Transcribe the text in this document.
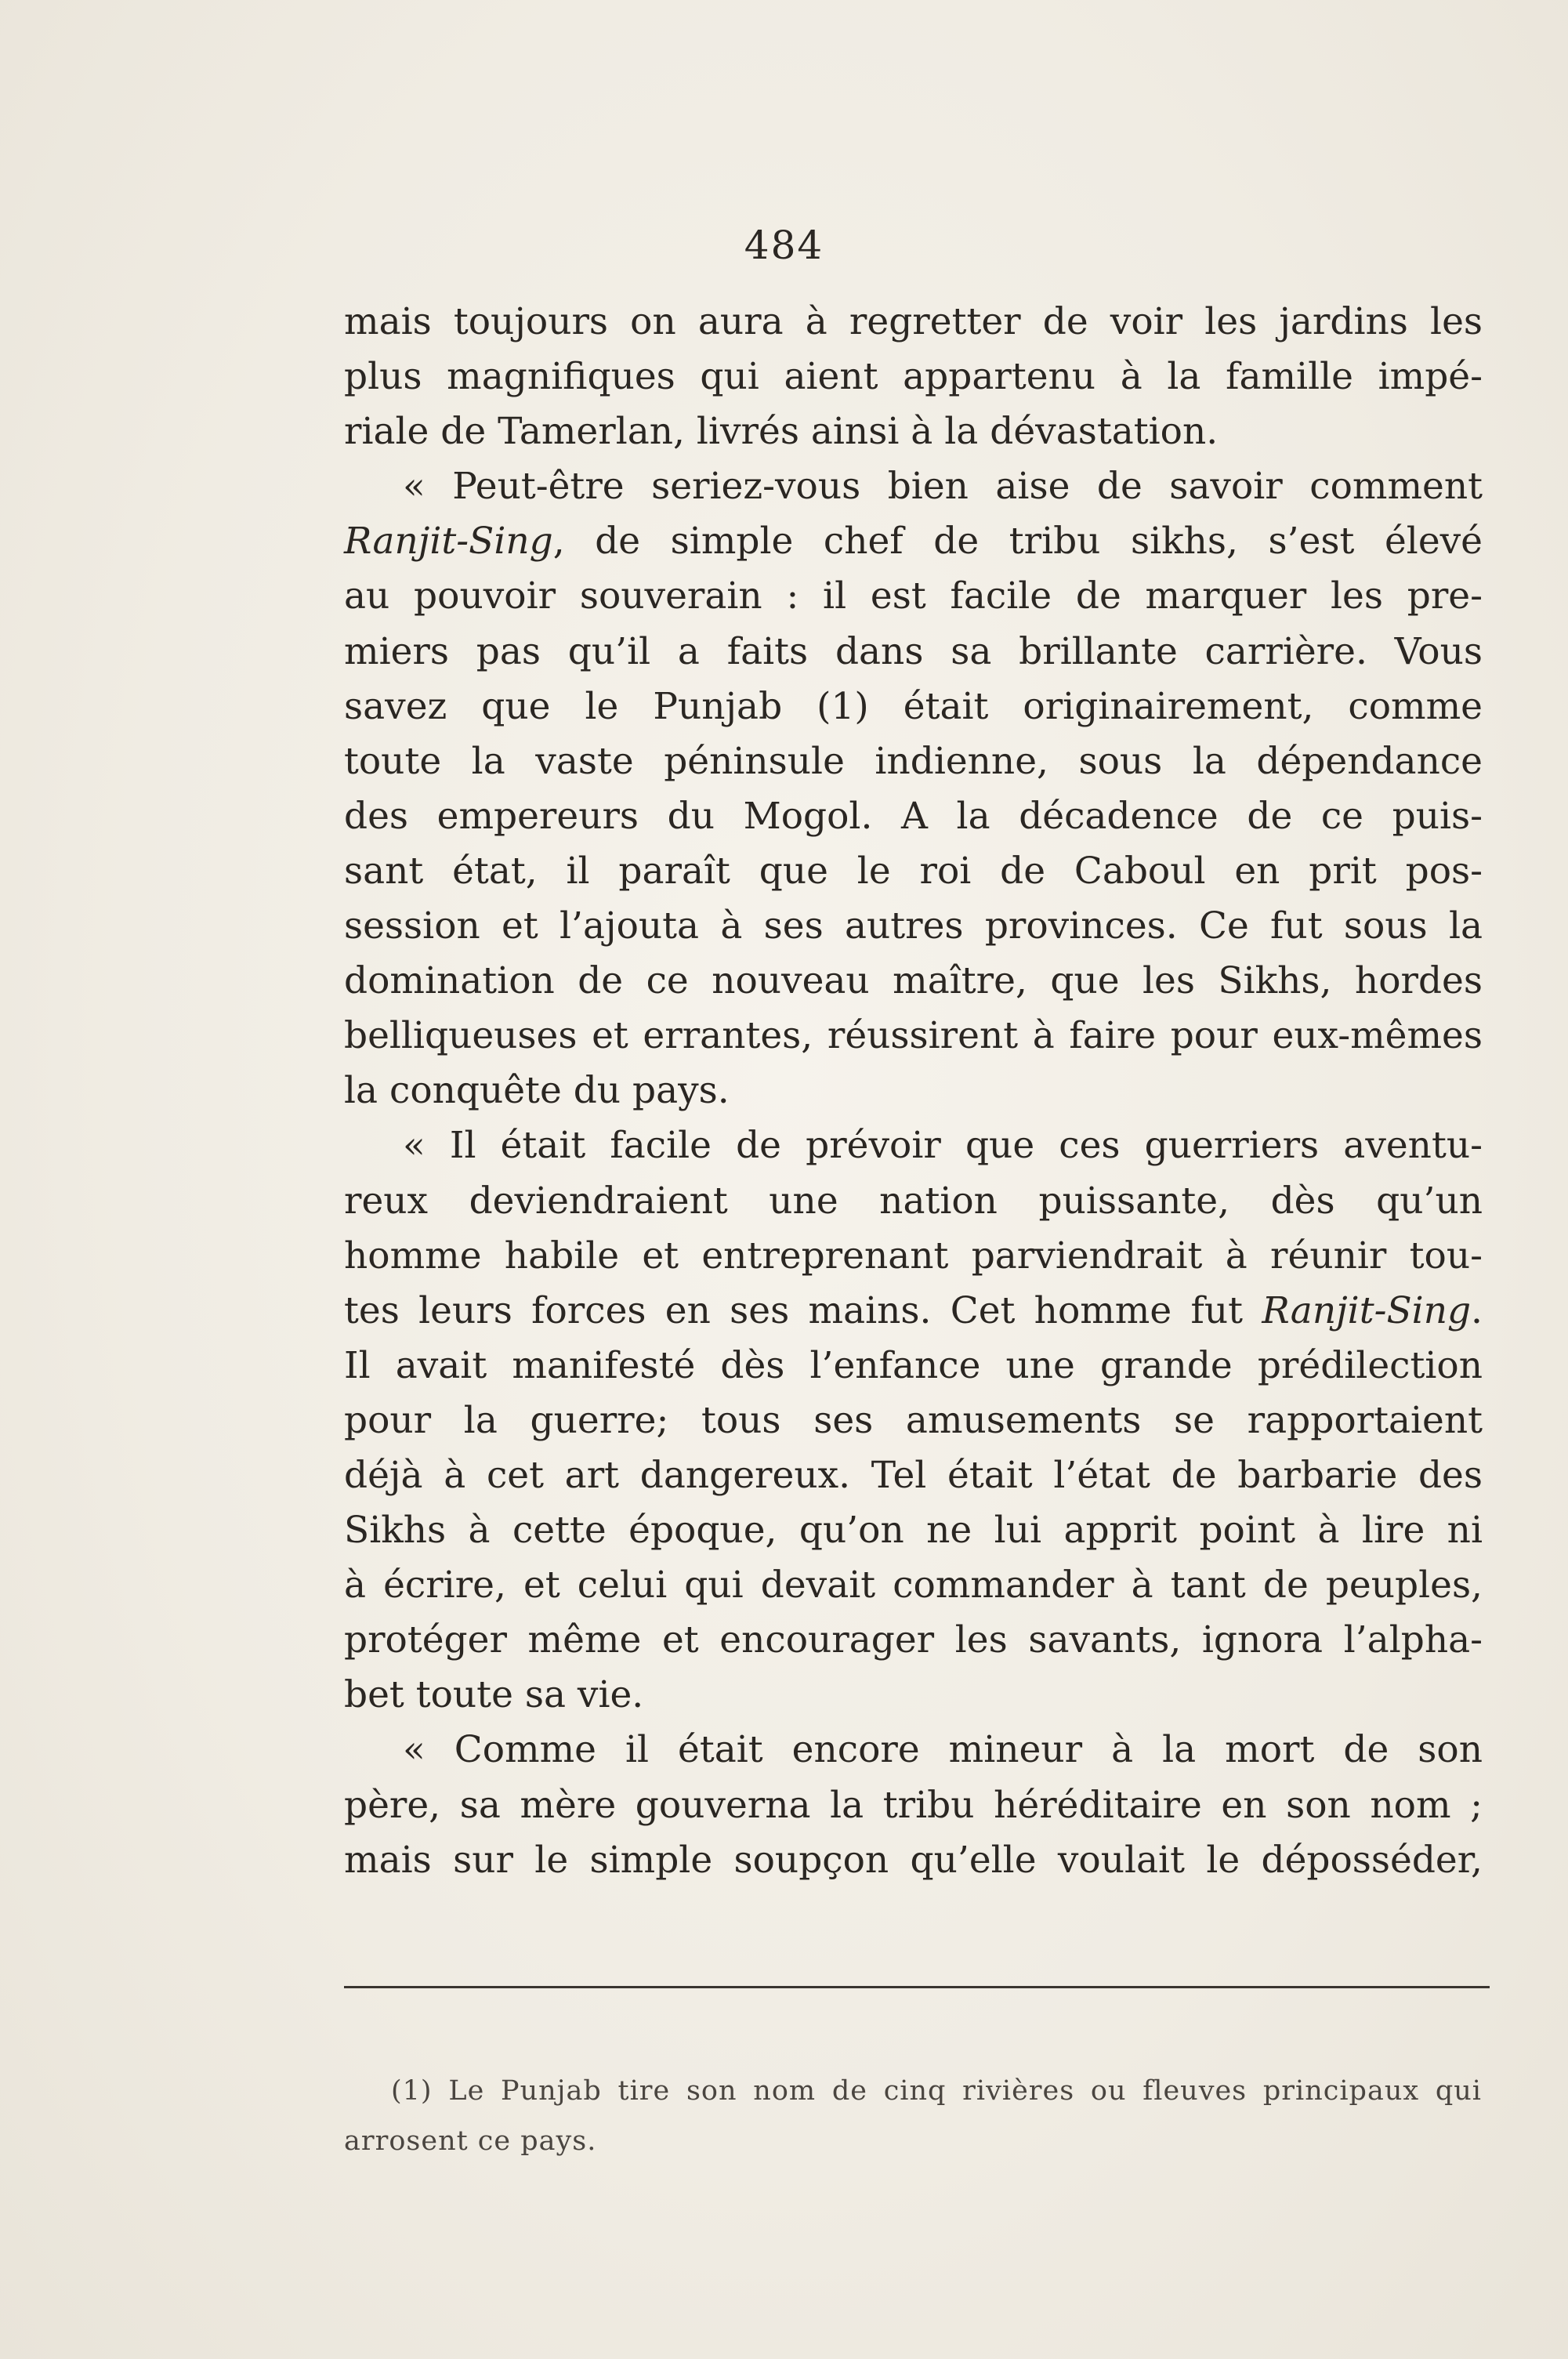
484
mais toujours on aura à regretter de voir les jardins les
plus magnifiques qui aient appartenu à la famille impé-
riale de Tamerlan, livrés ainsi à la dévastation.
« Peut-être seriez-vous bien aise de savoir comment
Ranjit-Sing, de simple chef de tribu sikhs, s’est élevé
au pouvoir souverain : il est facile de marquer les pre-
miers pas qu’il a faits dans sa brillante carrière. Vous
savez que le Punjab (1) était originairement, comme
toute la vaste péninsule indienne, sous la dépendance
des empereurs du Mogol. A la décadence de ce puis-
sant état, il paraît que le roi de Caboul en prit pos-
session et l’ajouta à ses autres provinces. Ce fut sous la
domination de ce nouveau maître, que les Sikhs, hordes
belliqueuses et errantes, réussirent à faire pour eux-mêmes
la conquête du pays.
« Il était facile de prévoir que ces guerriers aventu-
reux deviendraient une nation puissante, dès qu’un
homme habile et entreprenant parviendrait à réunir tou-
tes leurs forces en ses mains. Cet homme fut Ranjit-Sing.
Il avait manifesté dès l’enfance une grande prédilection
pour la guerre; tous ses amusements se rapportaient
déjà à cet art dangereux. Tel était l’état de barbarie des
Sikhs à cette époque, qu’on ne lui apprit point à lire ni
à écrire, et celui qui devait commander à tant de peuples,
protéger même et encourager les savants, ignora l’alpha-
bet toute sa vie.
« Comme il était encore mineur à la mort de son
père, sa mère gouverna la tribu héréditaire en son nom ;
mais sur le simple soupçon qu’elle voulait le déposséder,
(1) Le Punjab tire son nom de cinq rivières ou fleuves principaux qui
arrosent ce pays.
